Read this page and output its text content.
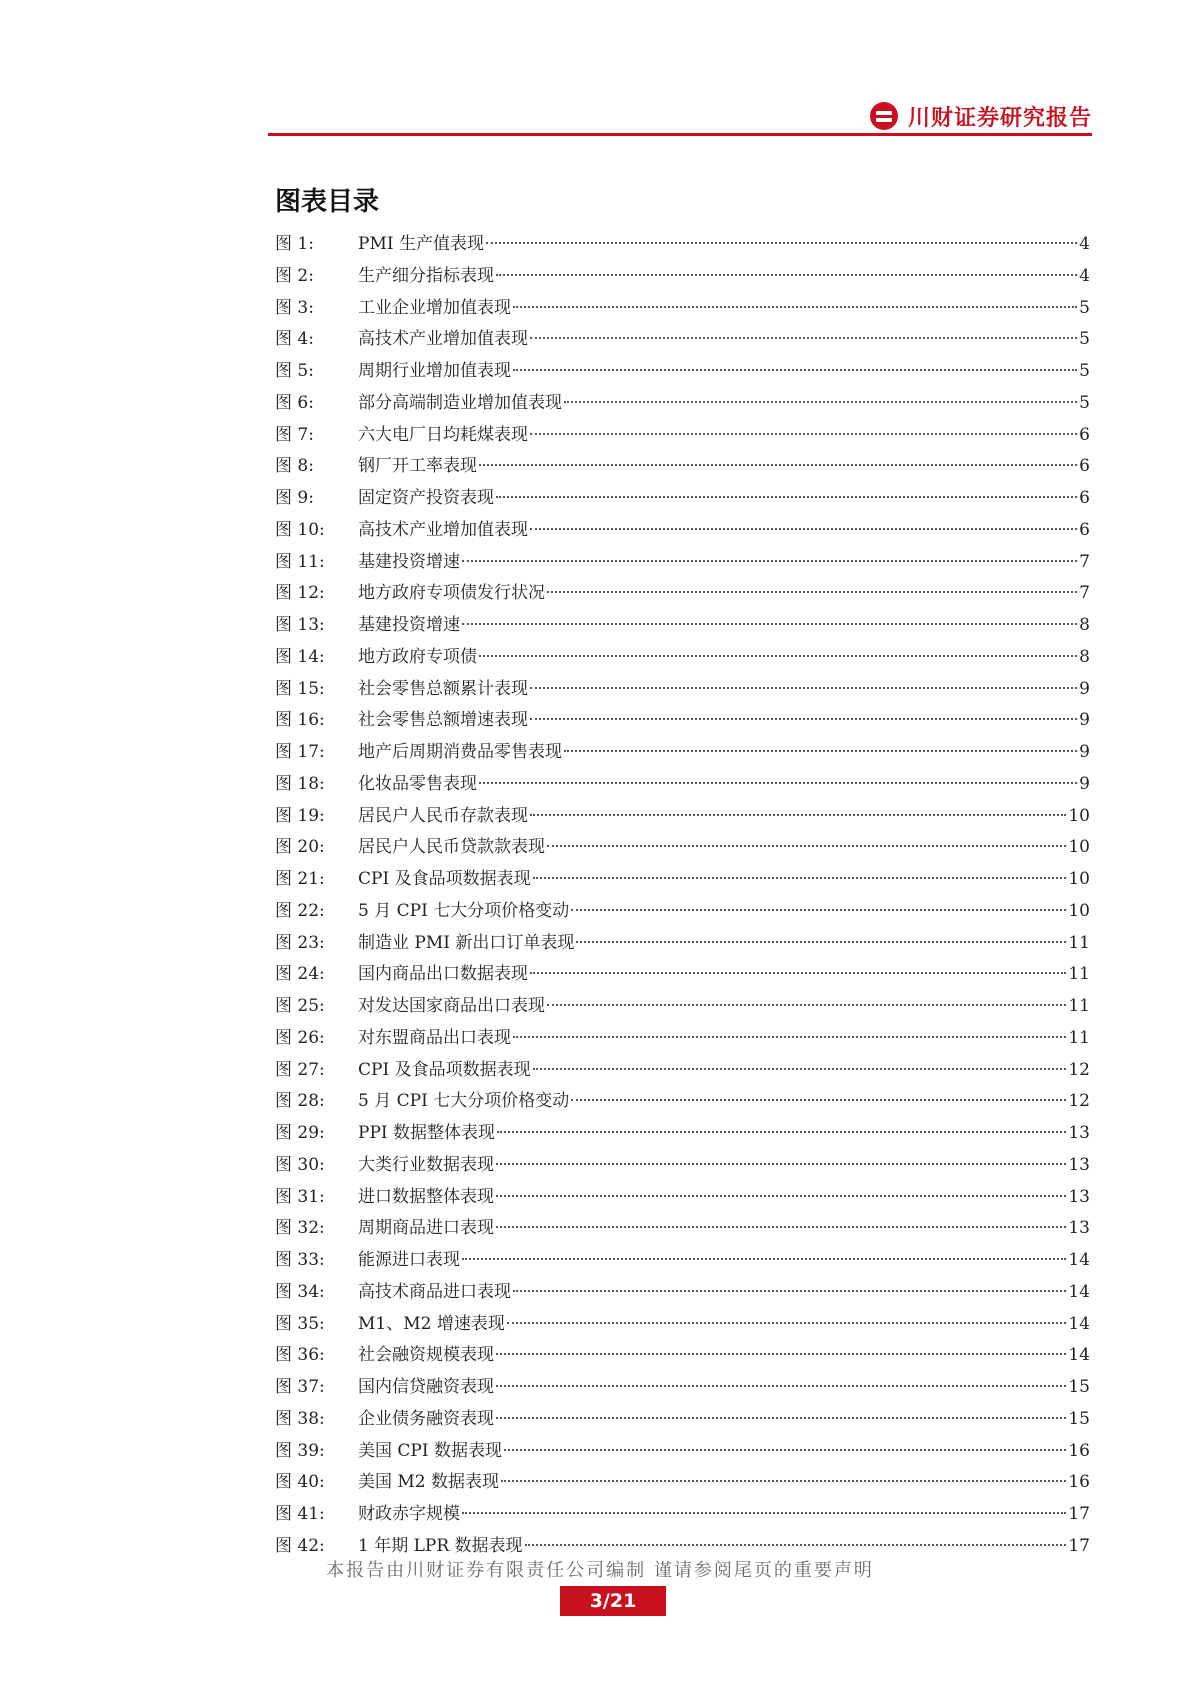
川财证券研究报告
图表目录
图 1:	PMI 生产值表现	4
图 2:	生产细分指标表现	4
图 3:	工业企业增加值表现	5
图 4:	高技术产业增加值表现	5
图 5:	周期行业增加值表现	5
图 6:	部分高端制造业增加值表现	5
图 7:	六大电厂日均耗煤表现	6
图 8:	钢厂开工率表现	6
图 9:	固定资产投资表现	6
图 10:	高技术产业增加值表现	6
图 11:	基建投资增速	7
图 12:	地方政府专项债发行状况	7
图 13:	基建投资增速	8
图 14:	地方政府专项债	8
图 15:	社会零售总额累计表现	9
图 16:	社会零售总额增速表现	9
图 17:	地产后周期消费品零售表现	9
图 18:	化妆品零售表现	9
图 19:	居民户人民币存款表现	10
图 20:	居民户人民币贷款款表现	10
图 21:	CPI 及食品项数据表现	10
图 22:	5 月 CPI 七大分项价格变动	10
图 23:	制造业 PMI 新出口订单表现	11
图 24:	国内商品出口数据表现	11
图 25:	对发达国家商品出口表现	11
图 26:	对东盟商品出口表现	11
图 27:	CPI 及食品项数据表现	12
图 28:	5 月 CPI 七大分项价格变动	12
图 29:	PPI 数据整体表现	13
图 30:	大类行业数据表现	13
图 31:	进口数据整体表现	13
图 32:	周期商品进口表现	13
图 33:	能源进口表现	14
图 34:	高技术商品进口表现	14
图 35:	M1、M2 增速表现	14
图 36:	社会融资规模表现	14
图 37:	国内信贷融资表现	15
图 38:	企业债务融资表现	15
图 39:	美国 CPI 数据表现	16
图 40:	美国 M2 数据表现	16
图 41:	财政赤字规模	17
图 42:	1 年期 LPR 数据表现	17
本报告由川财证券有限责任公司编制 谨请参阅尾页的重要声明
3/21
